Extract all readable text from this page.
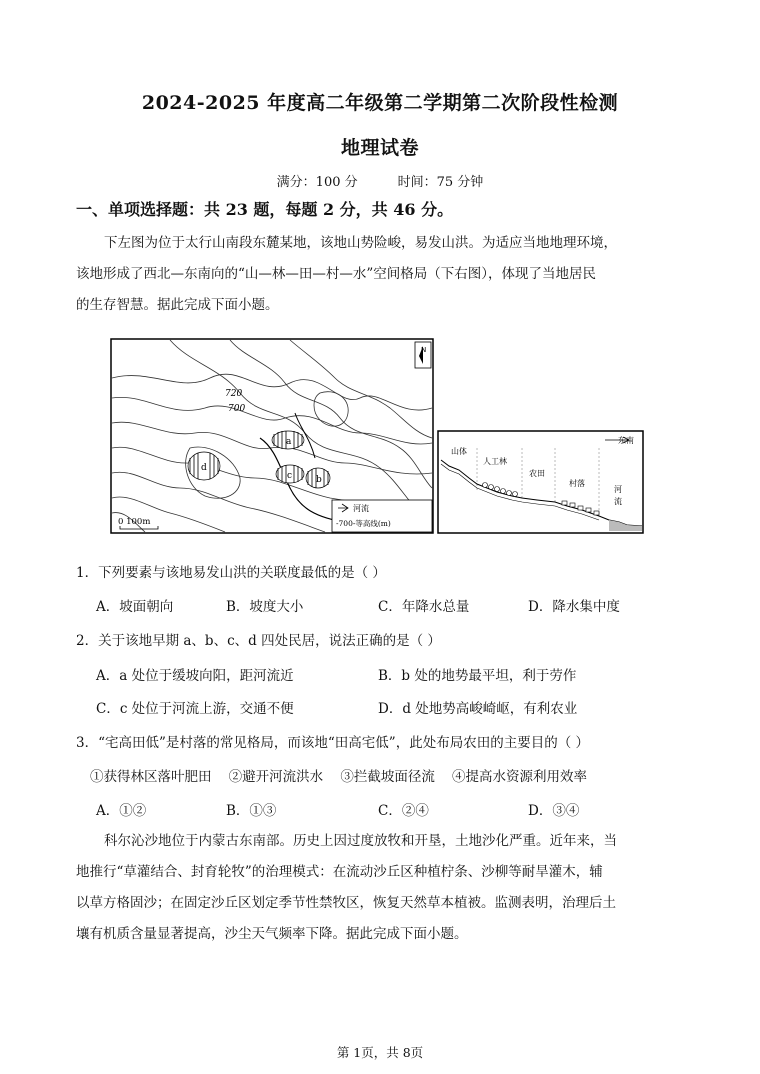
2024-2025 年度高二年级第二学期第二次阶段性检测
地理试卷
满分：100 分	时间：75 分钟
一、单项选择题：共 23 题，每题 2 分，共 46 分。
下左图为位于太行山南段东麓某地，该地山势险峻，易发山洪。为适应当地地理环境，
该地形成了西北—东南向的“山—林—田—村—水”空间格局（下右图），体现了当地居民
的生存智慧。据此完成下面小题。
a
b
c
d
720
700
N
0 100m
河流
-700-等高线(m)
东南
山体
人工林
农田
村落
河
流
1．下列要素与该地易发山洪的关联度最低的是（ ）
A．坡面朝向	B．坡度大小	C．年降水总量	D．降水集中度
2．关于该地早期 a、b、c、d 四处民居，说法正确的是（ ）
A．a 处位于缓坡向阳，距河流近	B．b 处的地势最平坦，利于劳作
C．c 处位于河流上游，交通不便	D．d 处地势高峻崎岖，有利农业
3．“宅高田低”是村落的常见格局，而该地“田高宅低”，此处布局农田的主要目的（ ）
①获得林区落叶肥田    ②避开河流洪水    ③拦截坡面径流    ④提高水资源利用效率
A．①②	B．①③	C．②④	D．③④
科尔沁沙地位于内蒙古东南部。历史上因过度放牧和开垦，土地沙化严重。近年来，当
地推行“草灌结合、封育轮牧”的治理模式：在流动沙丘区种植柠条、沙柳等耐旱灌木，辅
以草方格固沙；在固定沙丘区划定季节性禁牧区，恢复天然草本植被。监测表明，治理后土
壤有机质含量显著提高，沙尘天气频率下降。据此完成下面小题。
第 1页，共 8页
